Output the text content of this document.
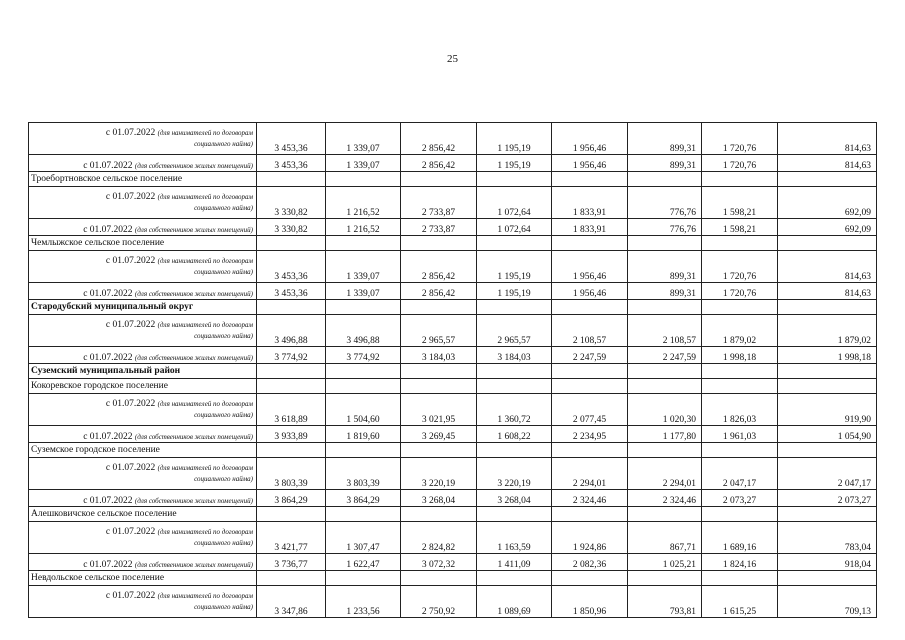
25
с 01.07.2022 (для нанимателей по договорам
социального найма)	3 453,36	1 339,07	2 856,42	1 195,19	1 956,46	899,31	1 720,76	814,63
с 01.07.2022 (для собственников жилых помещений)	3 453,36	1 339,07	2 856,42	1 195,19	1 956,46	899,31	1 720,76	814,63
Троебортновское сельское поселение								

с 01.07.2022 (для нанимателей по договорам
социального найма)	3 330,82	1 216,52	2 733,87	1 072,64	1 833,91	776,76	1 598,21	692,09
с 01.07.2022 (для собственников жилых помещений)	3 330,82	1 216,52	2 733,87	1 072,64	1 833,91	776,76	1 598,21	692,09
Чемлыжское сельское поселение								

с 01.07.2022 (для нанимателей по договорам
социального найма)	3 453,36	1 339,07	2 856,42	1 195,19	1 956,46	899,31	1 720,76	814,63
с 01.07.2022 (для собственников жилых помещений)	3 453,36	1 339,07	2 856,42	1 195,19	1 956,46	899,31	1 720,76	814,63
Стародубский муниципальный округ								

с 01.07.2022 (для нанимателей по договорам
социального найма)	3 496,88	3 496,88	2 965,57	2 965,57	2 108,57	2 108,57	1 879,02	1 879,02
с 01.07.2022 (для собственников жилых помещений)	3 774,92	3 774,92	3 184,03	3 184,03	2 247,59	2 247,59	1 998,18	1 998,18
Суземский муниципальный район								
Кокоревское городское поселение								

с 01.07.2022 (для нанимателей по договорам
социального найма)	3 618,89	1 504,60	3 021,95	1 360,72	2 077,45	1 020,30	1 826,03	919,90
с 01.07.2022 (для собственников жилых помещений)	3 933,89	1 819,60	3 269,45	1 608,22	2 234,95	1 177,80	1 961,03	1 054,90
Суземское городское поселение								

с 01.07.2022 (для нанимателей по договорам
социального найма)	3 803,39	3 803,39	3 220,19	3 220,19	2 294,01	2 294,01	2 047,17	2 047,17
с 01.07.2022 (для собственников жилых помещений)	3 864,29	3 864,29	3 268,04	3 268,04	2 324,46	2 324,46	2 073,27	2 073,27
Алешковичское сельское поселение								

с 01.07.2022 (для нанимателей по договорам
социального найма)	3 421,77	1 307,47	2 824,82	1 163,59	1 924,86	867,71	1 689,16	783,04
с 01.07.2022 (для собственников жилых помещений)	3 736,77	1 622,47	3 072,32	1 411,09	2 082,36	1 025,21	1 824,16	918,04
Невдольское сельское поселение								

с 01.07.2022 (для нанимателей по договорам
социального найма)	3 347,86	1 233,56	2 750,92	1 089,69	1 850,96	793,81	1 615,25	709,13
